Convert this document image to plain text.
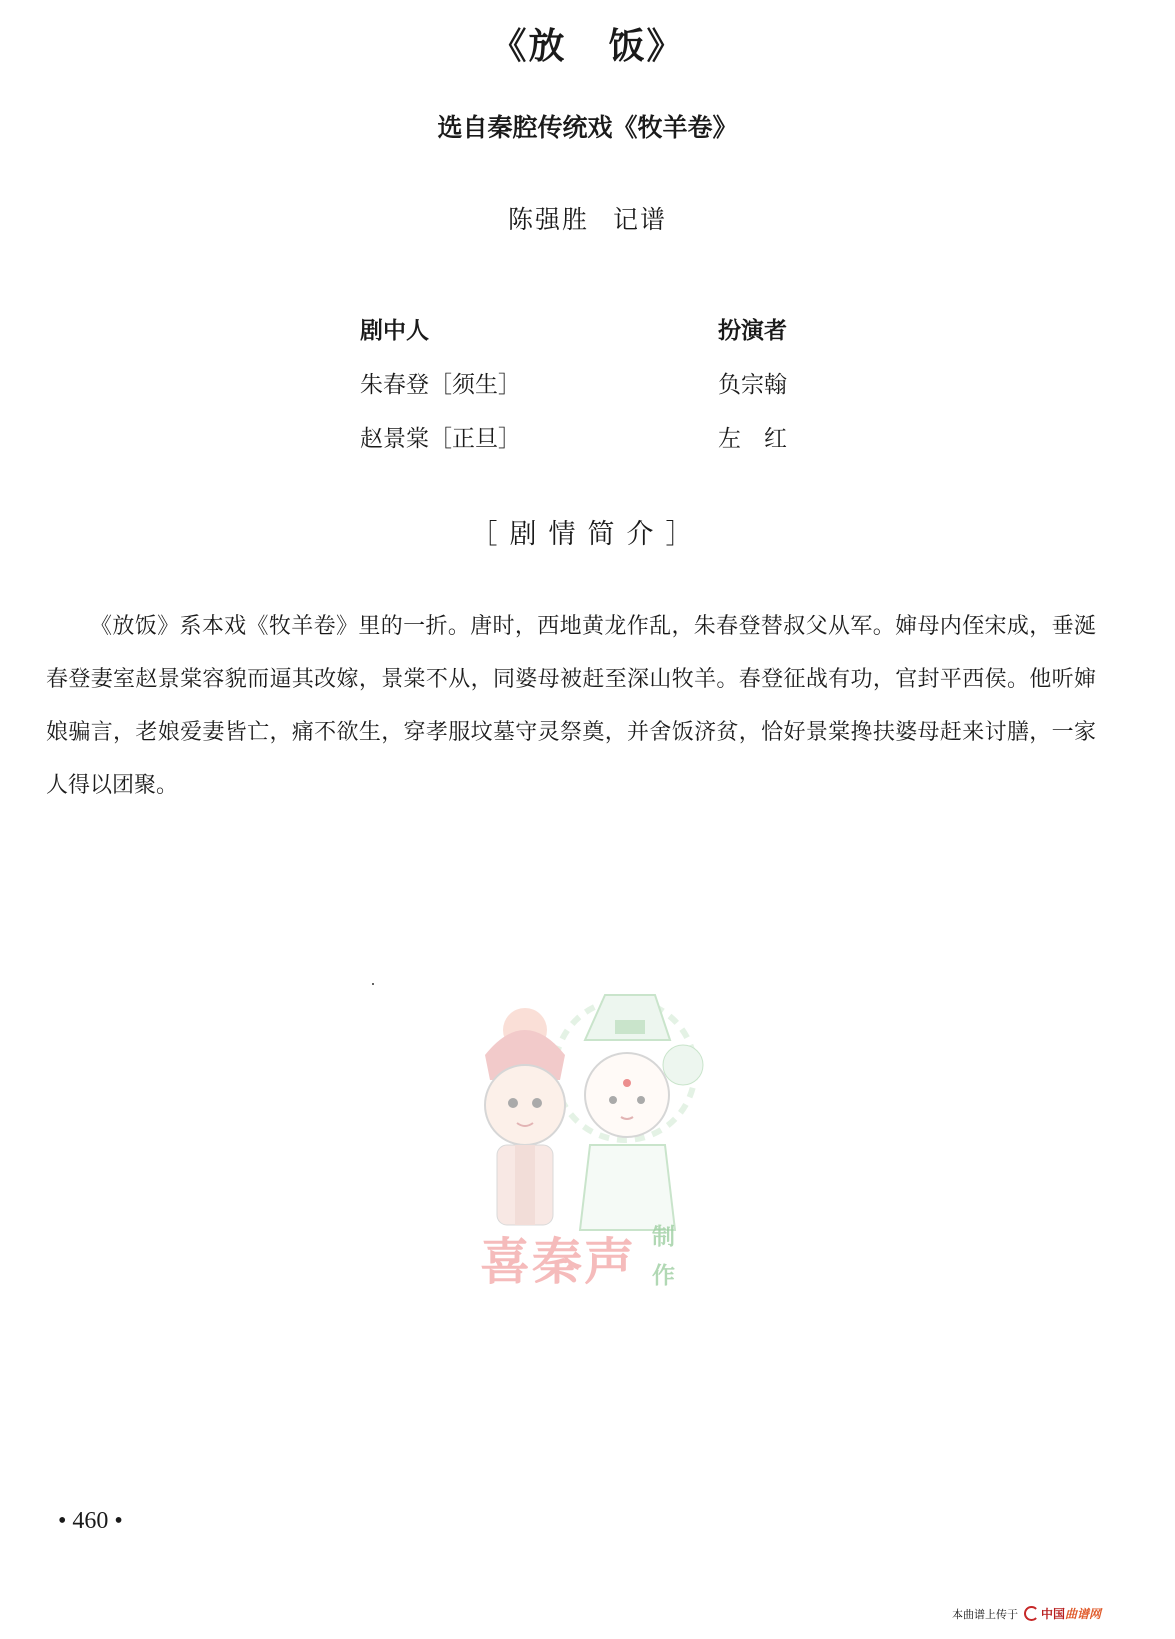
《放 饭》
选自秦腔传统戏《牧羊卷》
陈强胜 记谱
剧中人	扮演者
朱春登［须生］	负宗翰
赵景棠［正旦］	左　红
［剧情简介］
《放饭》系本戏《牧羊卷》里的一折。唐时，西地黄龙作乱，朱春登替叔父从军。婶母内侄宋成，垂涎春登妻室赵景棠容貌而逼其改嫁，景棠不从，同婆母被赶至深山牧羊。春登征战有功，官封平西侯。他听婶娘骗言，老娘爱妻皆亡，痛不欲生，穿孝服坟墓守灵祭奠，并舍饭济贫，恰好景棠搀扶婆母赶来讨膳，一家人得以团聚。
喜秦声 制
作
• 460 •
本曲谱上传于 中国曲谱网
